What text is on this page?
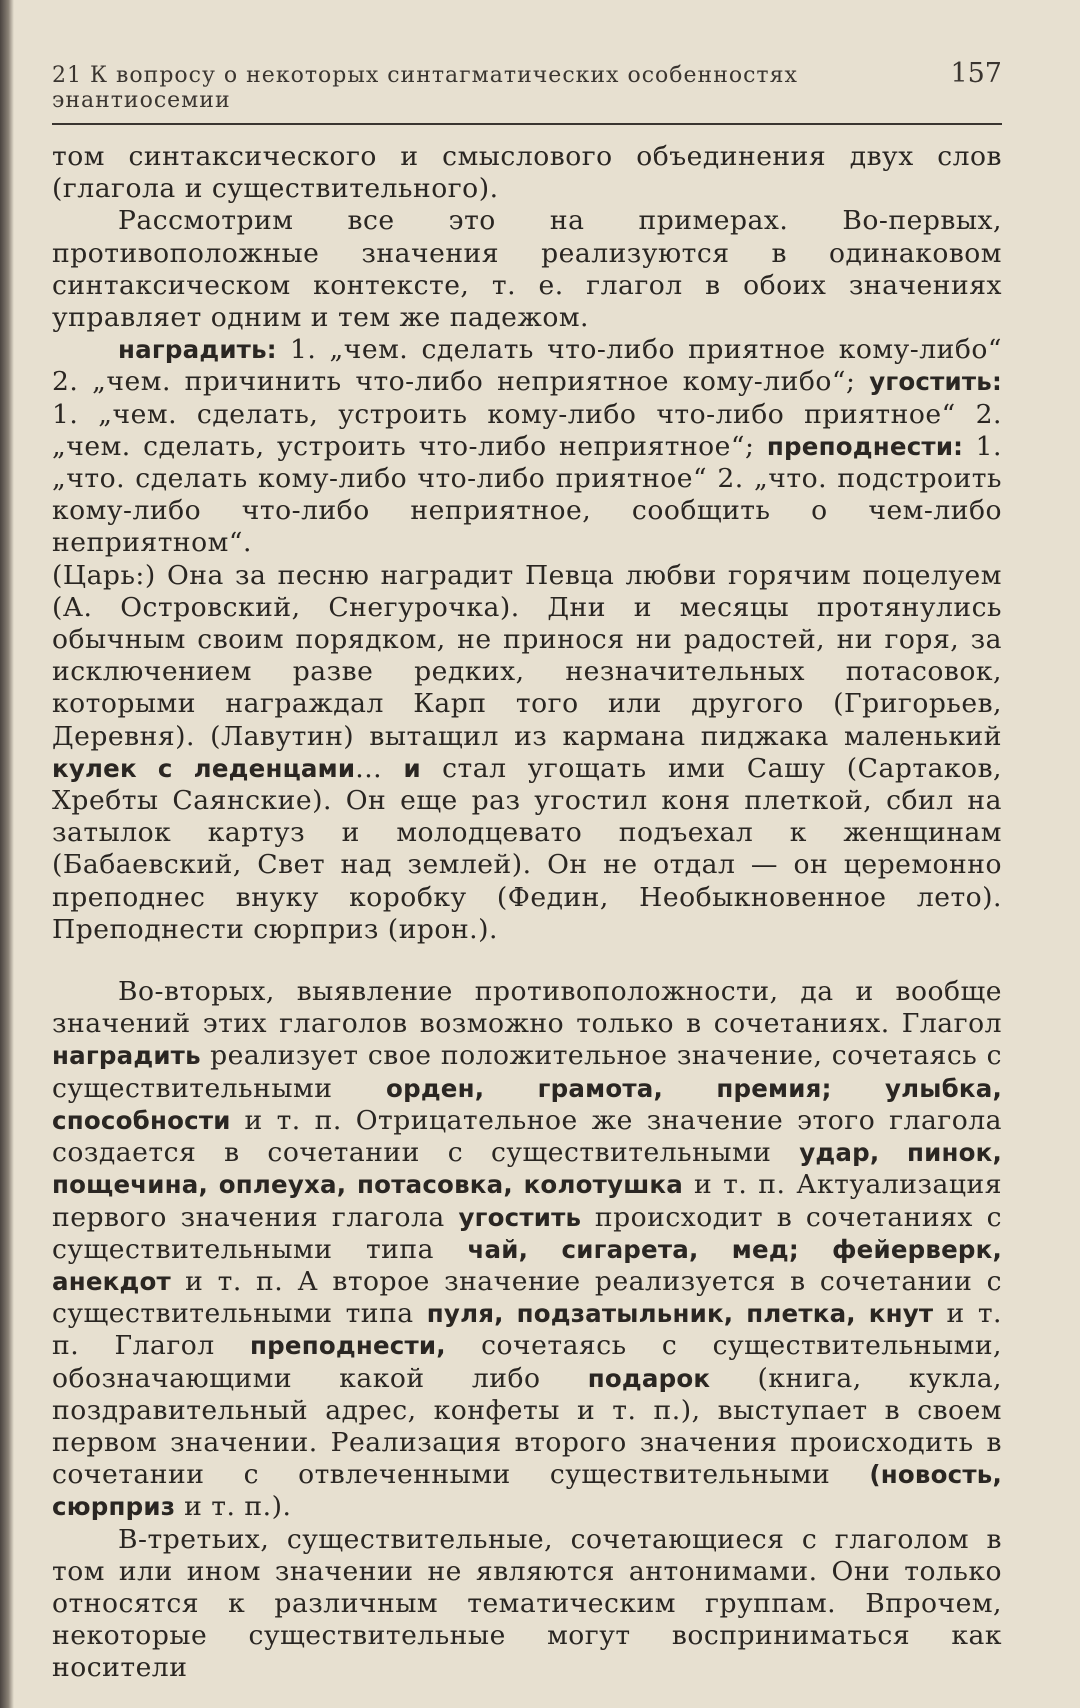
21 К вопросу о некоторых синтагматических особенностях энантиосемии
157

том синтаксического и смыслового объединения двух слов (глагола и существительного).

Рассмотрим все это на примерах. Во-первых, противоположные значения реализуются в одинаковом синтаксическом контексте, т. е. глагол в обоих значениях управляет одним и тем же падежом.

наградить: 1. „чем. сделать что-либо приятное кому-либо“ 2. „чем. причинить что-либо неприятное кому-либо“; угостить: 1. „чем. сделать, устроить кому-либо что-либо приятное“ 2. „чем. сделать, устроить что-либо неприятное“; преподнести: 1. „что. сделать кому-либо что-либо приятное“ 2. „что. подстроить кому-либо что-либо неприятное, сообщить о чем-либо неприятном“.

(Царь:) Она за песню наградит Певца любви горячим поцелуем (А. Островский, Снегурочка). Дни и месяцы протянулись обычным своим порядком, не принося ни радостей, ни горя, за исключением разве редких, незначительных потасовок, которыми награждал Карп того или другого (Григорьев, Деревня). (Лавутин) вытащил из кармана пиджака маленький кулек с леденцами... и стал угощать ими Сашу (Сартаков, Хребты Саянские). Он еще раз угостил коня плеткой, сбил на затылок картуз и молодцевато подъехал к женщинам (Бабаевский, Свет над землей). Он не отдал — он церемонно преподнес внуку коробку (Федин, Необыкновенное лето). Преподнести сюрприз (ирон.).

Во-вторых, выявление противоположности, да и вообще значений этих глаголов возможно только в сочетаниях. Глагол наградить реализует свое положительное значение, сочетаясь с существительными орден, грамота, премия; улыбка, способности и т. п. Отрицательное же значение этого глагола создается в сочетании с существительными удар, пинок, пощечина, оплеуха, потасовка, колотушка и т. п. Актуализация первого значения глагола угостить происходит в сочетаниях с существительными типа чай, сигарета, мед; фейерверк, анекдот и т. п. А второе значение реализуется в сочетании с существительными типа пуля, подзатыльник, плетка, кнут и т. п. Глагол преподнести, сочетаясь с существительными, обозначающими какой либо подарок (книга, кукла, поздравительный адрес, конфеты и т. п.), выступает в своем первом значении. Реализация второго значения происходить в сочетании с отвлеченными существительными (новость, сюрприз и т. п.).

В-третьих, существительные, сочетающиеся с глаголом в том или ином значении не являются антонимами. Они только относятся к различным тематическим группам. Впрочем, некоторые существительные могут восприниматься как носители
